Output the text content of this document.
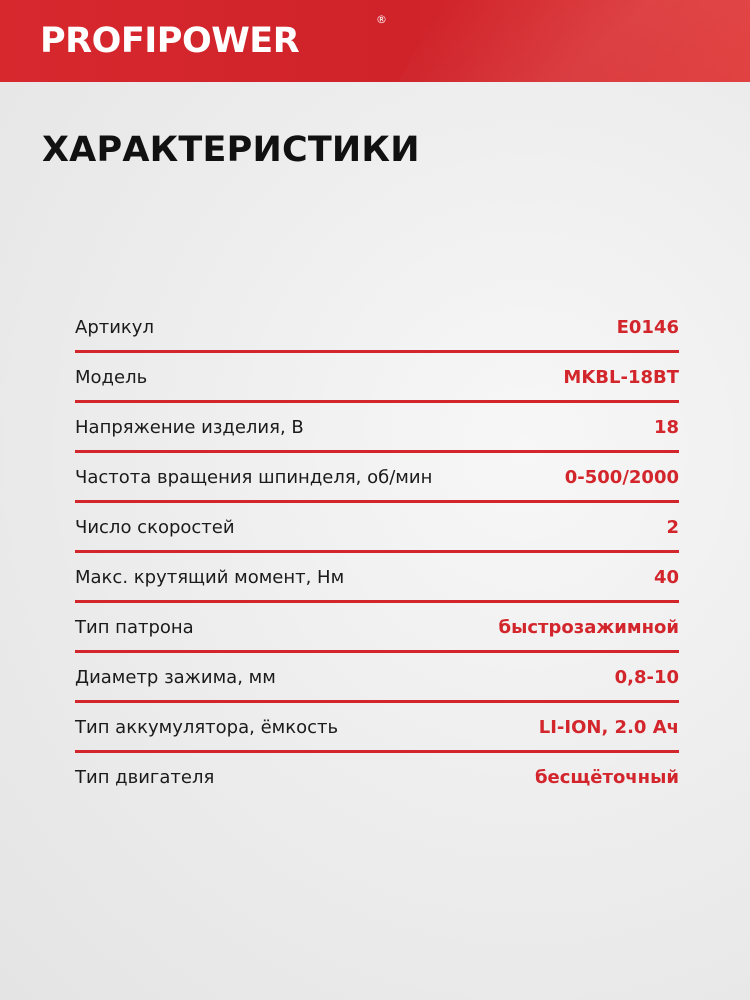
PROFIPOWER
®
ХАРАКТЕРИСТИКИ
Артикул	E0146
Модель	MKBL-18BT
Напряжение изделия, В	18
Частота вращения шпинделя, об/мин	0-500/2000
Число скоростей	2
Макс. крутящий момент, Нм	40
Тип патрона	быстрозажимной
Диаметр зажима, мм	0,8-10
Тип аккумулятора, ёмкость	LI-ION, 2.0 Ач
Тип двигателя	бесщёточный
